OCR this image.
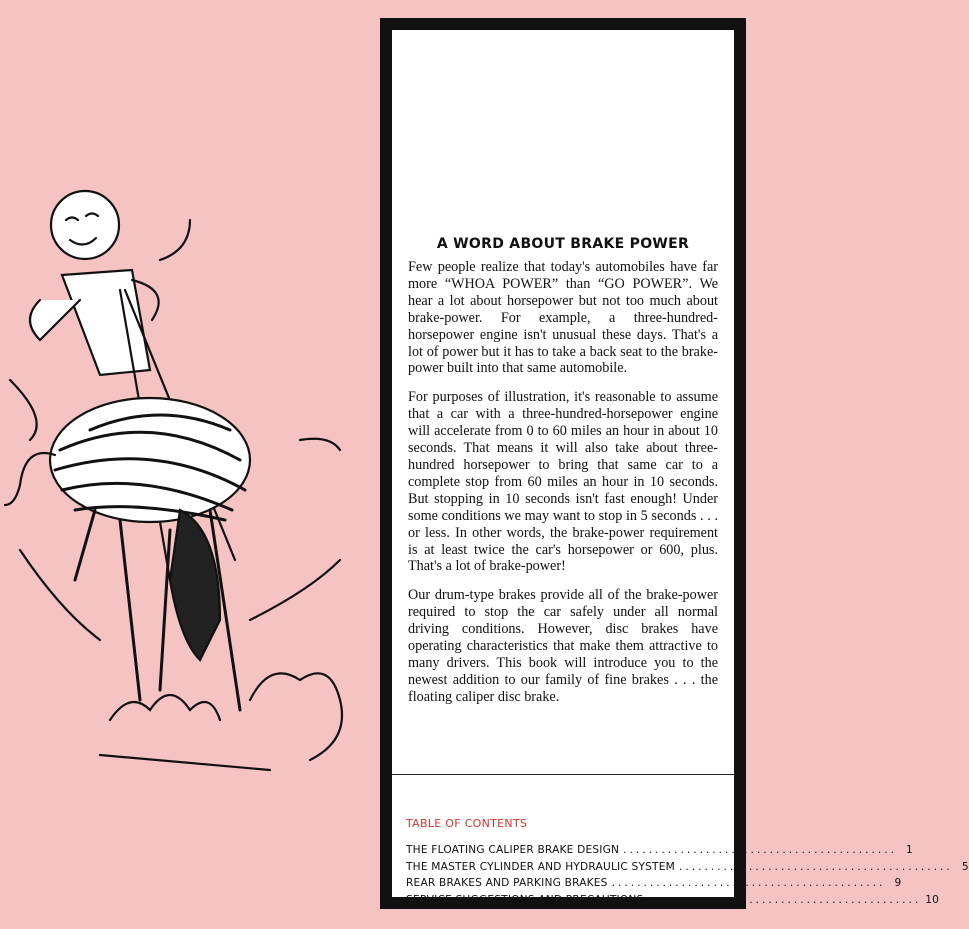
A WORD ABOUT BRAKE POWER

Few people realize that today's automobiles have far more “WHOA POWER” than “GO POWER”. We hear a lot about horsepower but not too much about brake-power. For example, a three-hundred-horsepower engine isn't unusual these days. That's a lot of power but it has to take a back seat to the brake-power built into that same automobile.

For purposes of illustration, it's reasonable to assume that a car with a three-hundred-horsepower engine will accelerate from 0 to 60 miles an hour in about 10 seconds. That means it will also take about three-hundred horsepower to bring that same car to a complete stop from 60 miles an hour in 10 seconds. But stopping in 10 seconds isn't fast enough! Under some conditions we may want to stop in 5 seconds . . . or less. In other words, the brake-power requirement is at least twice the car's horsepower or 600, plus. That's a lot of brake-power!

Our drum-type brakes provide all of the brake-power required to stop the car safely under all normal driving conditions. However, disc brakes have operating characteristics that make them attractive to many drivers. This book will introduce you to the newest addition to our family of fine brakes . . . the floating caliper disc brake.

TABLE OF CONTENTS
THE FLOATING CALIPER BRAKE DESIGN ........................................... 1
THE MASTER CYLINDER AND HYDRAULIC SYSTEM ........................................... 5
REAR BRAKES AND PARKING BRAKES ........................................... 9
SERVICE SUGGESTIONS AND PRECAUTIONS ........................................... 10
